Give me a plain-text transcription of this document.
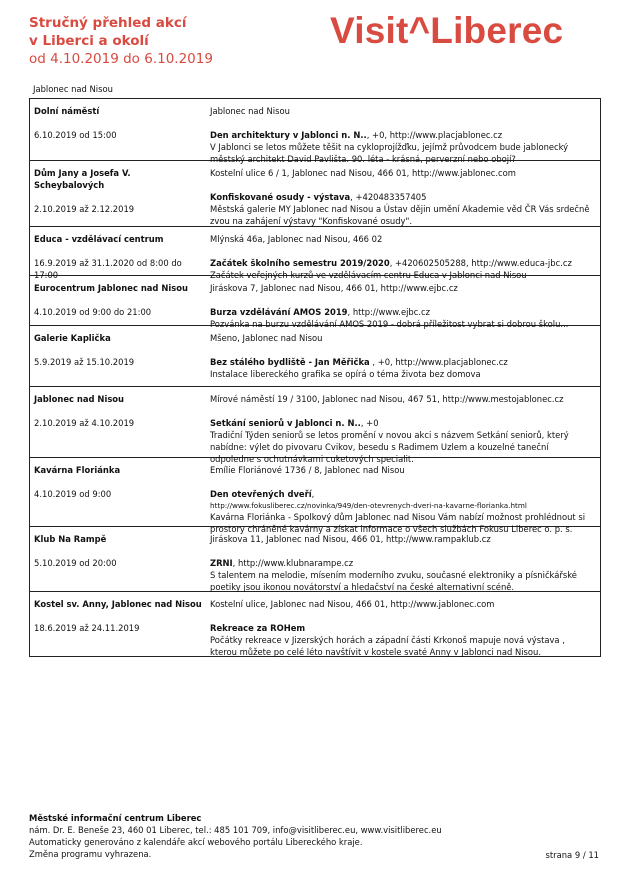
Stručný přehled akcí
v Liberci a okolí
od 4.10.2019 do 6.10.2019
Visit^Liberec
Jablonec nad Nisou
Dolní náměstí
6.10.2019 od 15:00
Jablonec nad Nisou
Den architektury v Jablonci n. N.., +0, http://www.placjablonec.cz
V Jablonci se letos můžete těšit na cykloprojížďku, jejímž průvodcem bude jablonecký městský architekt David Pavlišta. 90. léta - krásná, perverzní nebo obojí?
Dům Jany a Josefa V. Scheybalových
2.10.2019 až 2.12.2019
Kostelní ulice 6 / 1, Jablonec nad Nisou, 466 01, http://www.jablonec.com
Konfiskované osudy - výstava, +420483357405
Městská galerie MY Jablonec nad Nisou a Ústav dějin umění Akademie věd ČR Vás srdečně zvou na zahájení výstavy "Konfiskované osudy".
Educa - vzdělávací centrum
16.9.2019 až 31.1.2020 od 8:00 do 17:00
Mlýnská 46a, Jablonec nad Nisou, 466 02
Začátek školního semestru 2019/2020, +420602505288, http://www.educa-jbc.cz
Začátek veřejných kurzů ve vzdělávacím centru Educa v Jablonci nad Nisou
Eurocentrum Jablonec nad Nisou
4.10.2019 od 9:00 do 21:00
Jiráskova 7, Jablonec nad Nisou, 466 01, http://www.ejbc.cz
Burza vzdělávání AMOS 2019, http://www.ejbc.cz
Pozvánka na burzu vzdělávání AMOS 2019 - dobrá příležitost vybrat si dobrou školu...
Galerie Kaplička
5.9.2019 až 15.10.2019
Mšeno, Jablonec nad Nisou
Bez stálého bydliště - Jan Měřička , +0, http://www.placjablonec.cz
Instalace libereckého grafika se opírá o téma života bez domova
Jablonec nad Nisou
2.10.2019 až 4.10.2019
Mírové náměstí 19 / 3100, Jablonec nad Nisou, 467 51, http://www.mestojablonec.cz
Setkání seniorů v Jablonci n. N.., +0
Tradiční Týden seniorů se letos promění v novou akci s názvem Setkání seniorů, který nabídne: výlet do pivovaru Cvikov, besedu s Radimem Uzlem a kouzelné taneční odpoledne s ochutnávkami cuketových specialit.
Kavárna Floriánka
4.10.2019 od 9:00
Emílie Floriánové 1736 / 8, Jablonec nad Nisou
Den otevřených dveří,
http://www.fokusliberec.cz/novinka/949/den-otevrenych-dveri-na-kavarne-florianka.html
Kavárna Floriánka - Spolkový dům Jablonec nad Nisou Vám nabízí možnost prohlédnout si prostory chráněné kavárny a získat informace o všech službách Fokusu Liberec o. p. s.
Klub Na Rampě
5.10.2019 od 20:00
Jiráskova 11, Jablonec nad Nisou, 466 01, http://www.rampaklub.cz
ZRNI, http://www.klubnarampe.cz
S talentem na melodie, mísením moderního zvuku, současné elektroniky a písničkářské poetiky jsou ikonou novátorství a hledačství na české alternativní scéně.
Kostel sv. Anny, Jablonec nad Nisou
18.6.2019 až 24.11.2019
Kostelní ulice, Jablonec nad Nisou, 466 01, http://www.jablonec.com
Rekreace za ROHem
Počátky rekreace v Jizerských horách a západní části Krkonoš mapuje nová výstava , kterou můžete po celé léto navštívit v kostele svaté Anny v Jablonci nad Nisou.
Městské informační centrum Liberec
nám. Dr. E. Beneše 23, 460 01 Liberec, tel.: 485 101 709, info@visitliberec.eu, www.visitliberec.eu
Automaticky generováno z kalendáře akcí webového portálu Libereckého kraje.
Změna programu vyhrazena.	strana 9 / 11
